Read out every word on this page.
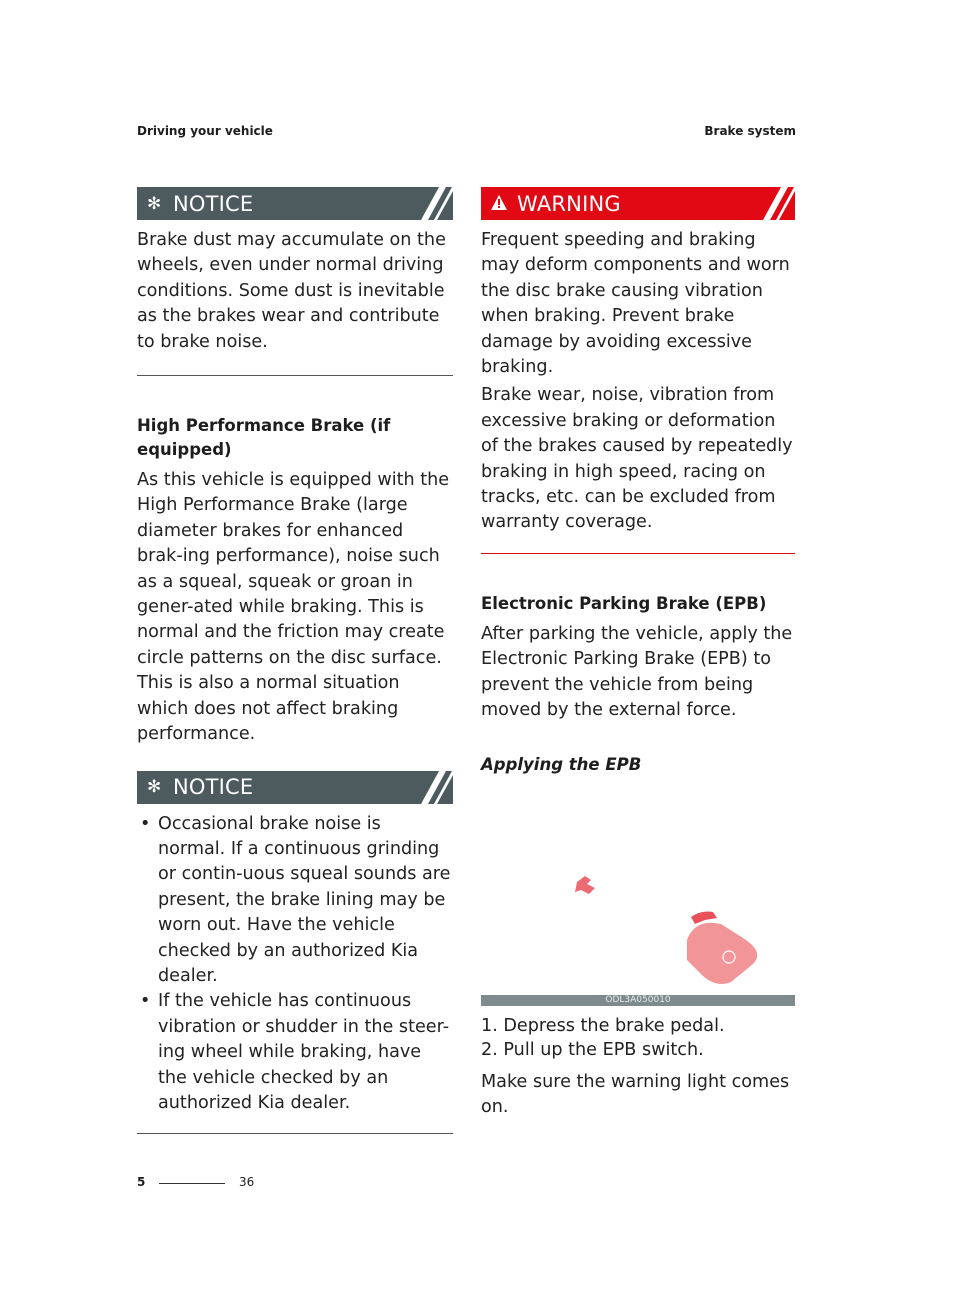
Driving your vehicle	Brake system
✻ NOTICE

Brake dust may accumulate on the wheels, even under normal driving conditions. Some dust is inevitable as the brakes wear and contribute to brake noise.

High Performance Brake (if equipped)

As this vehicle is equipped with the High Performance Brake (large diameter brakes for enhanced brak-ing performance), noise such as a squeal, squeak or groan in gener-ated while braking. This is normal and the friction may create circle patterns on the disc surface. This is also a normal situation which does not affect braking performance.

✻ NOTICE
• Occasional brake noise is normal. If a continuous grinding or contin-uous squeal sounds are present, the brake lining may be worn out. Have the vehicle checked by an authorized Kia dealer.
• If the vehicle has continuous vibration or shudder in the steer-ing wheel while braking, have the vehicle checked by an authorized Kia dealer.
WARNING

Frequent speeding and braking may deform components and worn the disc brake causing vibration when braking. Prevent brake damage by avoiding excessive braking.

Brake wear, noise, vibration from excessive braking or deformation of the brakes caused by repeatedly braking in high speed, racing on tracks, etc. can be excluded from warranty coverage.

Electronic Parking Brake (EPB)

After parking the vehicle, apply the Electronic Parking Brake (EPB) to prevent the vehicle from being moved by the external force.

Applying the EPB
ODL3A050010
1. Depress the brake pedal.
2. Pull up the EPB switch.

Make sure the warning light comes on.

5	36
